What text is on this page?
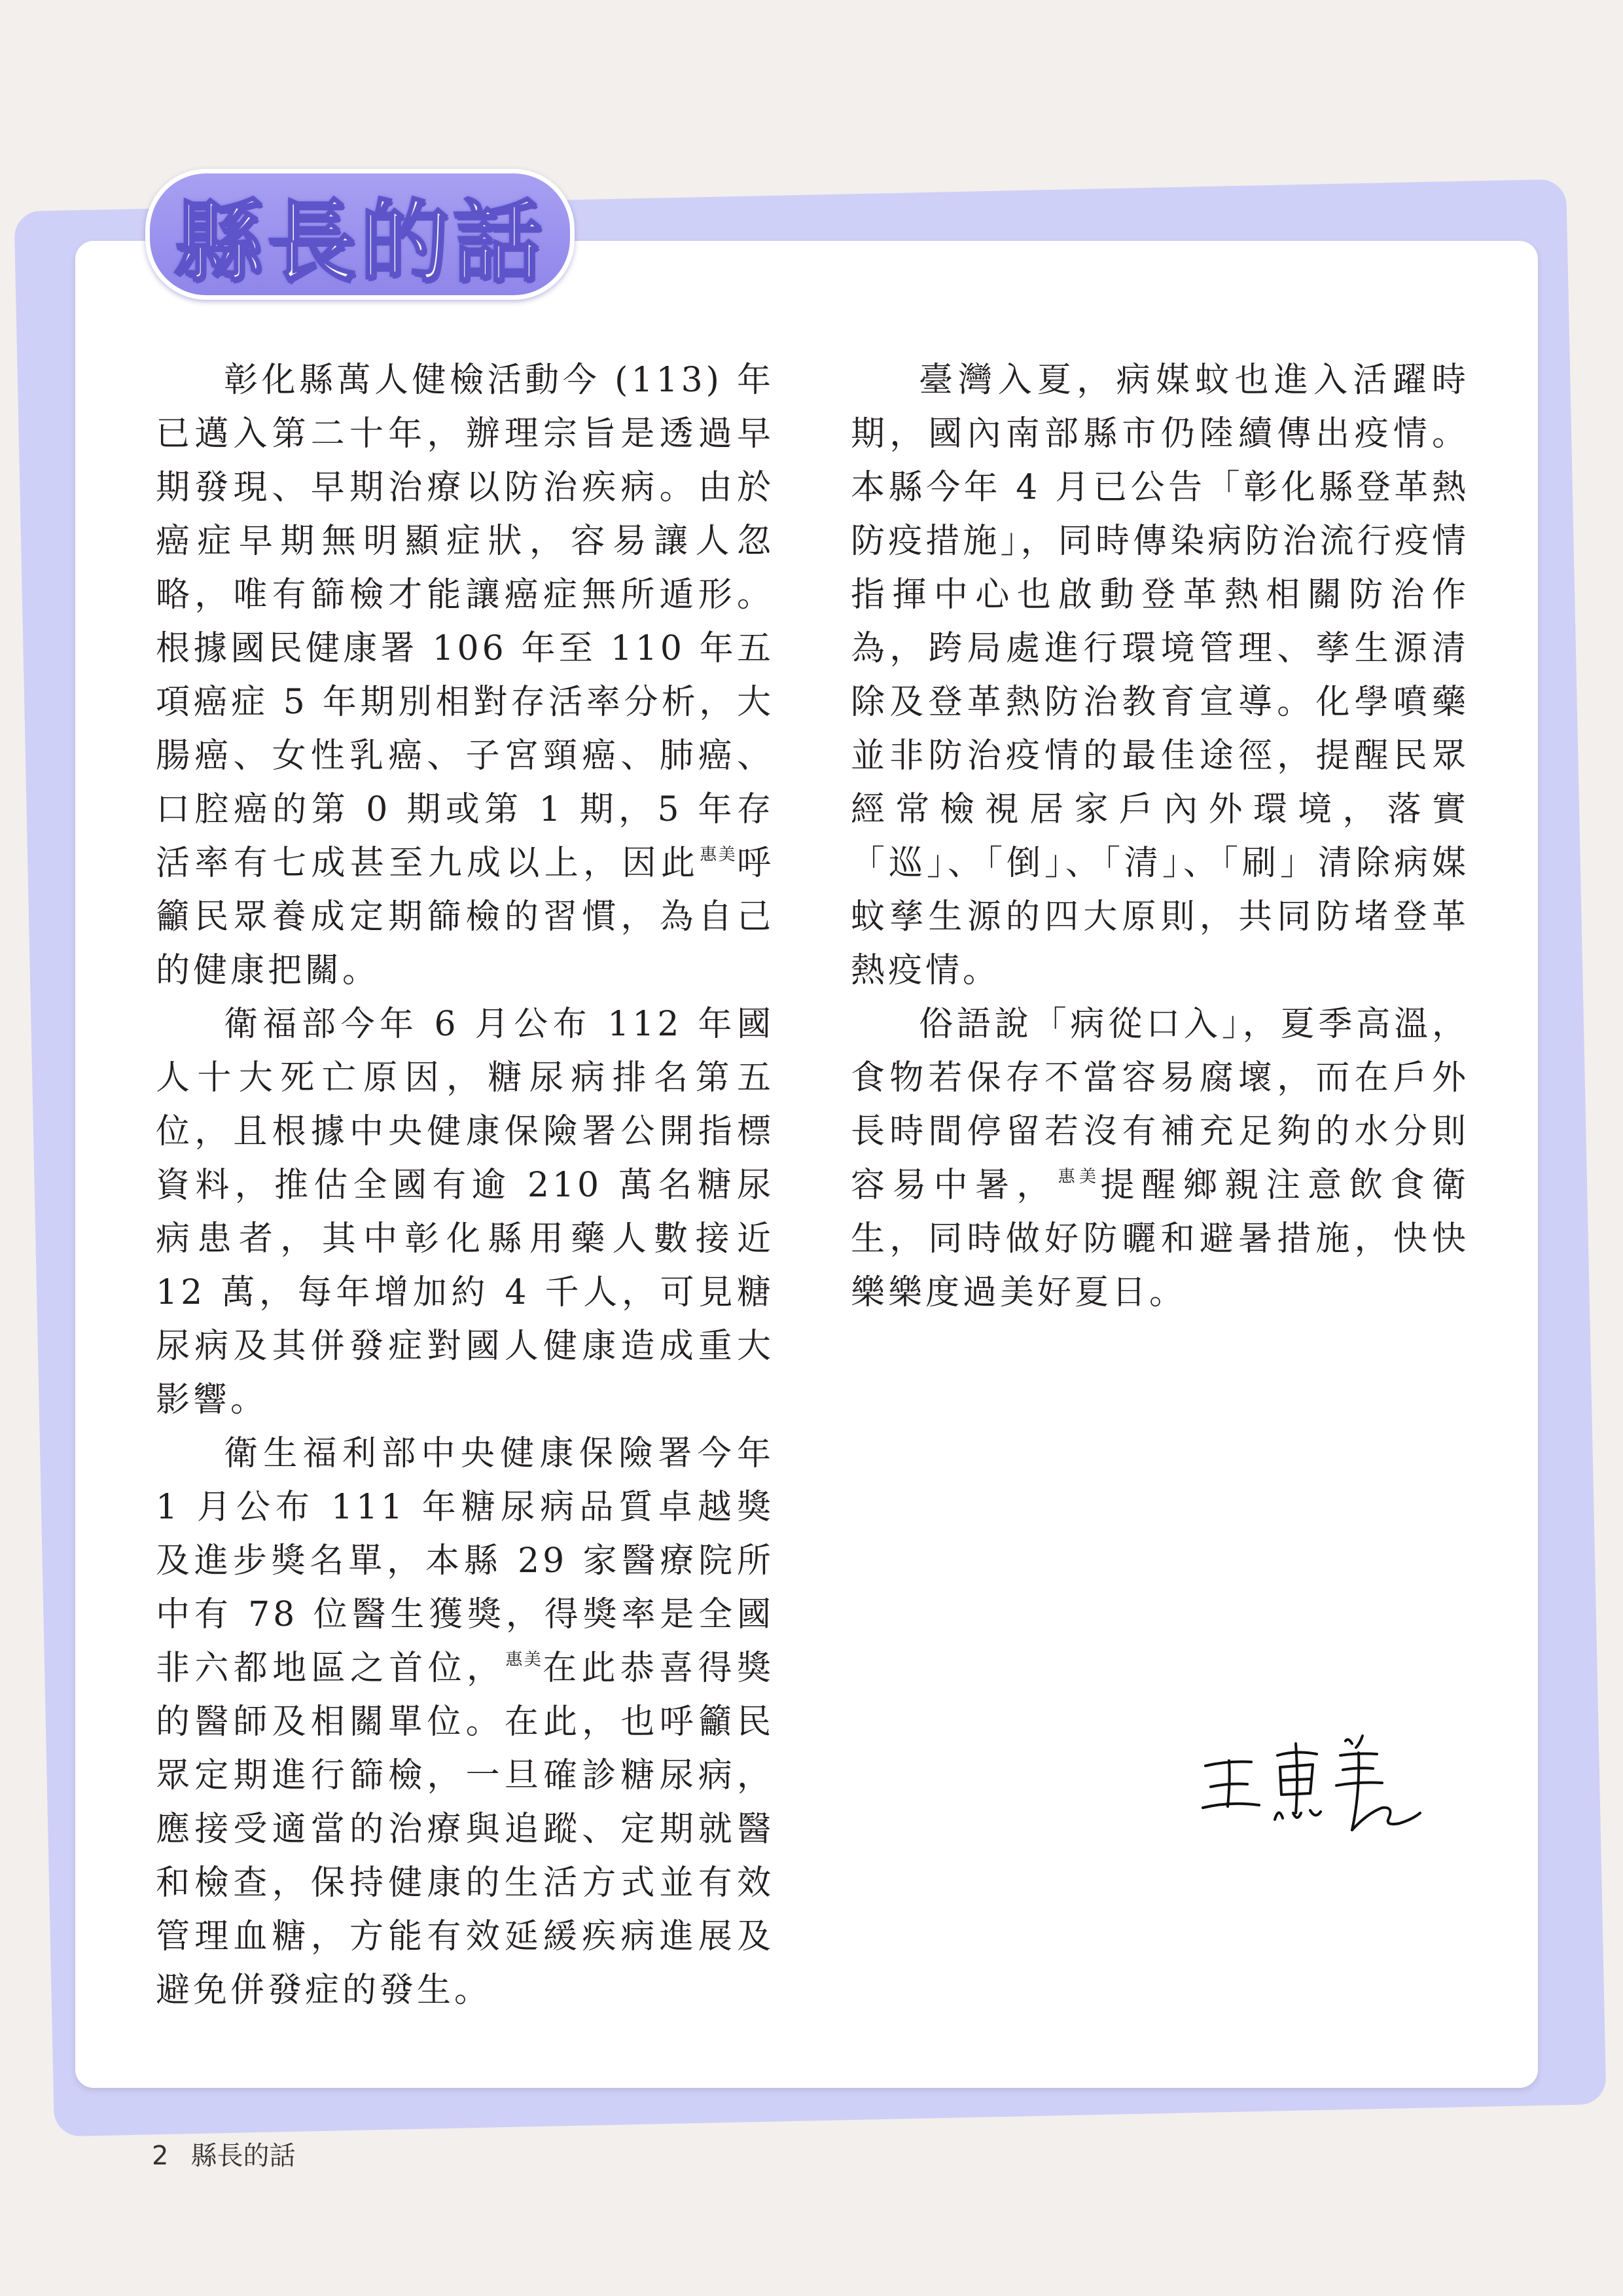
縣長的話

彰化縣萬人健檢活動今 (113) 年已邁入第二十年，辦理宗旨是透過早期發現、早期治療以防治疾病。由於癌症早期無明顯症狀，容易讓人忽略，唯有篩檢才能讓癌症無所遁形。根據國民健康署 106 年至 110 年五項癌症 5 年期別相對存活率分析，大腸癌、女性乳癌、子宮頸癌、肺癌、口腔癌的第 0 期或第 1 期，5 年存活率有七成甚至九成以上，因此$^{惠美}$呼籲民眾養成定期篩檢的習慣，為自己的健康把關。

衛福部今年 6 月公布 112 年國人十大死亡原因，糖尿病排名第五位，且根據中央健康保險署公開指標資料，推估全國有逾 210 萬名糖尿病患者，其中彰化縣用藥人數接近 12 萬，每年增加約 4 千人，可見糖尿病及其併發症對國人健康造成重大影響。

衛生福利部中央健康保險署今年 1 月公布 111 年糖尿病品質卓越獎及進步獎名單，本縣 29 家醫療院所中有 78 位醫生獲獎，得獎率是全國非六都地區之首位，$^{惠美}$在此恭喜得獎的醫師及相關單位。在此，也呼籲民眾定期進行篩檢，一旦確診糖尿病，應接受適當的治療與追蹤、定期就醫和檢查，保持健康的生活方式並有效管理血糖，方能有效延緩疾病進展及避免併發症的發生。

臺灣入夏，病媒蚊也進入活躍時期，國內南部縣市仍陸續傳出疫情。本縣今年 4 月已公告「彰化縣登革熱防疫措施」，同時傳染病防治流行疫情指揮中心也啟動登革熱相關防治作為，跨局處進行環境管理、孳生源清除及登革熱防治教育宣導。化學噴藥並非防治疫情的最佳途徑，提醒民眾經常檢視居家戶內外環境，落實「巡」、「倒」、「清」、「刷」清除病媒蚊孳生源的四大原則，共同防堵登革熱疫情。

俗語說「病從口入」，夏季高溫，食物若保存不當容易腐壞，而在戶外長時間停留若沒有補充足夠的水分則容易中暑，$^{惠美}$提醒鄉親注意飲食衛生，同時做好防曬和避暑措施，快快樂樂度過美好夏日。

2 縣長的話
